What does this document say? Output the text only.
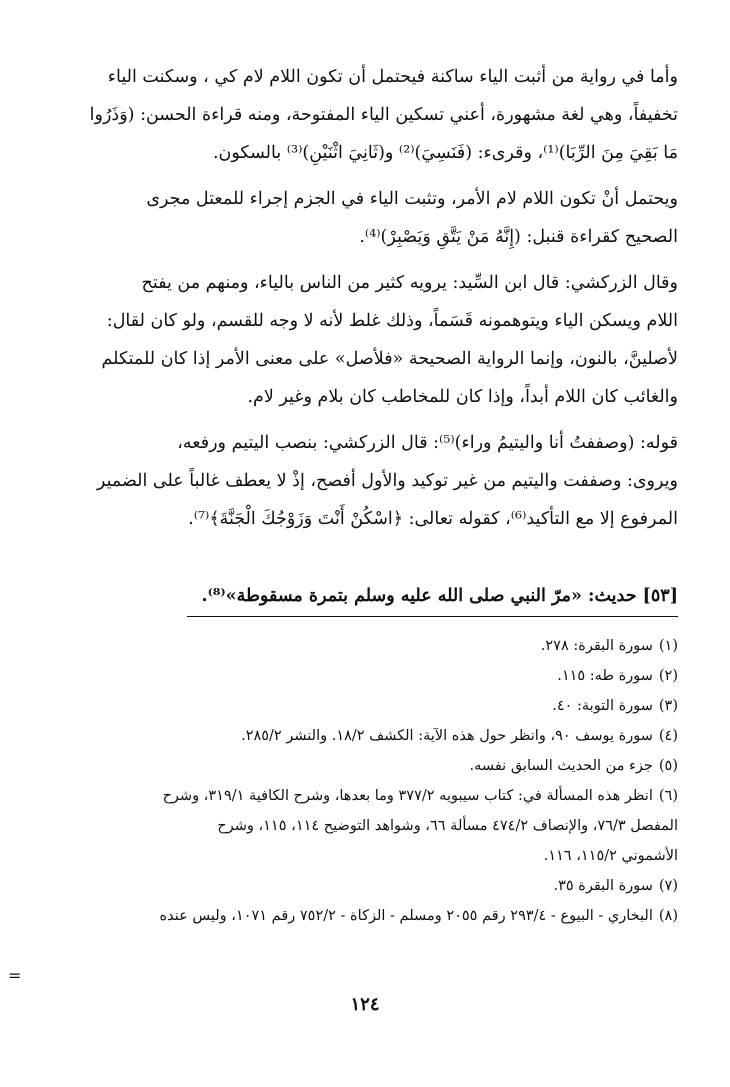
وأما في رواية من أثبت الياء ساكنة فيحتمل أن تكون اللام لام كي ، وسكنت الياء

تخفيفاً، وهي لغة مشهورة، أعني تسكين الياء المفتوحة، ومنه قراءة الحسن: (وَذَرُوا

مَا بَقِيَ مِنَ الرِّبَا)⁽¹⁾، وقرىء: (فَنَسِيَ)⁽²⁾ و(ثَانِيَ اثْنَيْنِ)⁽³⁾ بالسكون.

ويحتمل أنْ تكون اللام لام الأمر، وتثبت الياء في الجزم إجراء للمعتل مجرى

الصحيح كقراءة قنبل: (إِنَّهُ مَنْ يَتَّقِ وَيَصْبِرْ)⁽⁴⁾.

وقال الزركشي: قال ابن السِّيد: يرويه كثير من الناس بالياء، ومنهم من يفتح

اللام ويسكن الياء ويتوهمونه قَسَماً، وذلك غلط لأنه لا وجه للقسم، ولو كان لقال:

لأصلينَّ، بالنون، وإنما الرواية الصحيحة «فلأصل» على معنى الأمر إذا كان للمتكلم

والغائب كان اللام أبداً، وإذا كان للمخاطب كان بلام وغير لام.

قوله: (وصففتُ أنا واليتيمُ وراء)⁽⁵⁾: قال الزركشي: بنصب اليتيم ورفعه،

ويروى: وصففت واليتيم من غير توكيد والأول أفصح، إذْ لا يعطف غالباً على الضمير

المرفوع إلا مع التأكيد⁽⁶⁾، كقوله تعالى: ﴿اسْكُنْ أَنْتَ وَزَوْجُكَ الْجَنَّةَ﴾⁽⁷⁾.

[٥٣] حديث: «مرّ النبي صلى الله عليه وسلم بتمرة مسقوطة»⁽⁸⁾.
(١)
سورة البقرة: ٢٧٨.
(٢)
سورة طه: ١١٥.
(٣)
سورة التوبة: ٤٠.
(٤)
سورة يوسف ٩٠، وانظر حول هذه الآية: الكشف ١٨/٢. والنشر ٢٨٥/٢.
(٥)
جزء من الحديث السابق نفسه.
(٦)
انظر هذه المسألة في: كتاب سيبويه ٣٧٧/٢ وما بعدها، وشرح الكافية ٣١٩/١، وشرح
المفصل ٧٦/٣، والإنصاف ٤٧٤/٢ مسألة ٦٦، وشواهد التوضيح ١١٤، ١١٥، وشرح
الأشموني ١١٥/٢، ١١٦.
(٧)
سورة البقرة ٣٥.
(٨)
البخاري - البيوع - ٢٩٣/٤ رقم ٢٠٥٥ ومسلم - الزكاة - ٧٥٢/٢ رقم ١٠٧١، وليس عنده
=
١٢٤
